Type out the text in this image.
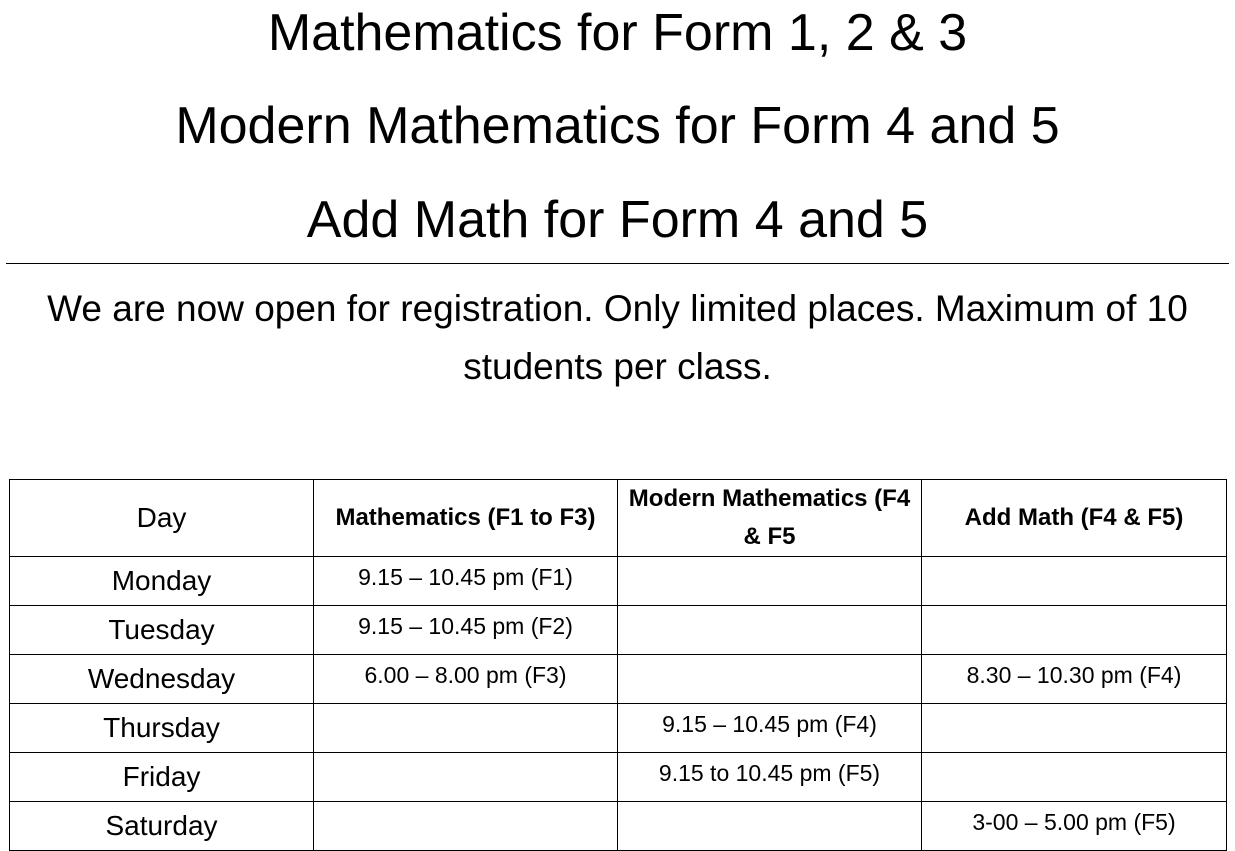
Mathematics for Form 1, 2 & 3
Modern Mathematics for Form 4 and 5
Add Math for Form 4 and 5
We are now open for registration. Only limited places. Maximum of 10 students per class.
Day	Mathematics (F1 to F3)	Modern Mathematics (F4 & F5	Add Math (F4 & F5)
Monday	9.15 – 10.45 pm (F1)		
Tuesday	9.15 – 10.45 pm (F2)		
Wednesday	6.00 – 8.00 pm (F3)		8.30 – 10.30 pm (F4)
Thursday		9.15 – 10.45 pm (F4)	
Friday		9.15 to 10.45 pm (F5)	
Saturday			3-00 – 5.00 pm (F5)
